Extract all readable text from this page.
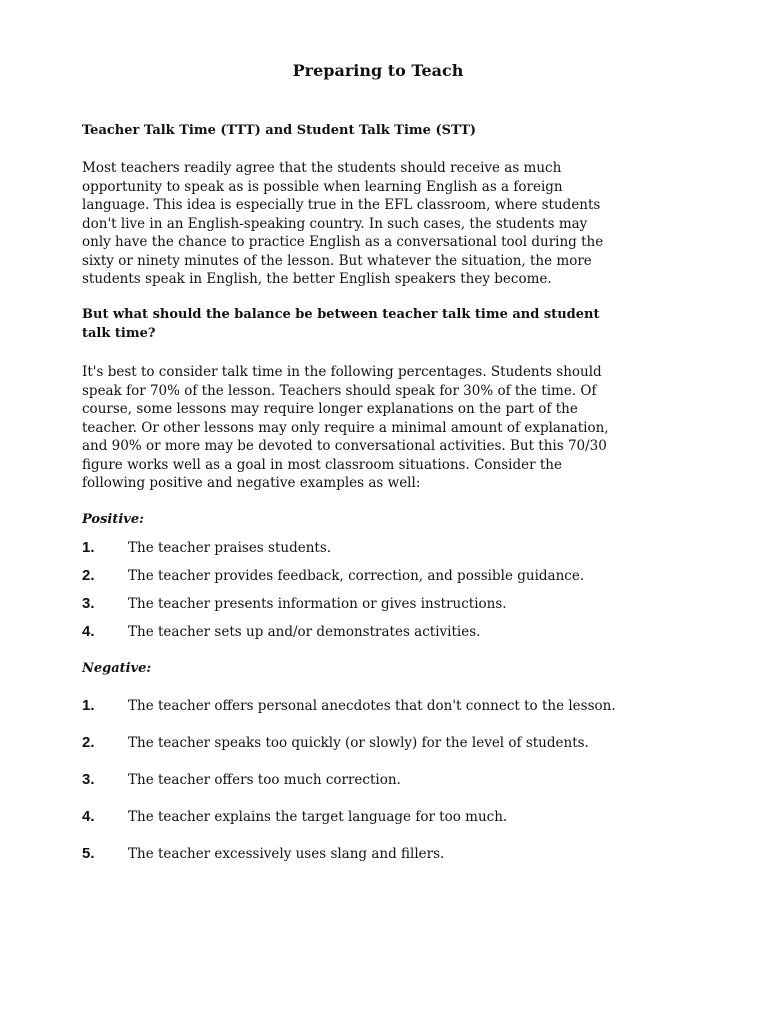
Preparing to Teach
Teacher Talk Time (TTT) and Student Talk Time (STT)
Most teachers readily agree that the students should receive as much
opportunity to speak as is possible when learning English as a foreign
language. This idea is especially true in the EFL classroom, where students
don't live in an English-speaking country. In such cases, the students may
only have the chance to practice English as a conversational tool during the
sixty or ninety minutes of the lesson. But whatever the situation, the more
students speak in English, the better English speakers they become.
But what should the balance be between teacher talk time and student
talk time?
It's best to consider talk time in the following percentages. Students should
speak for 70% of the lesson. Teachers should speak for 30% of the time. Of
course, some lessons may require longer explanations on the part of the
teacher. Or other lessons may only require a minimal amount of explanation,
and 90% or more may be devoted to conversational activities. But this 70/30
figure works well as a goal in most classroom situations. Consider the
following positive and negative examples as well:
Positive:
1. The teacher praises students.
2. The teacher provides feedback, correction, and possible guidance.
3. The teacher presents information or gives instructions.
4. The teacher sets up and/or demonstrates activities.
Negative:
1. The teacher offers personal anecdotes that don't connect to the lesson.
2. The teacher speaks too quickly (or slowly) for the level of students.
3. The teacher offers too much correction.
4. The teacher explains the target language for too much.
5. The teacher excessively uses slang and fillers.
